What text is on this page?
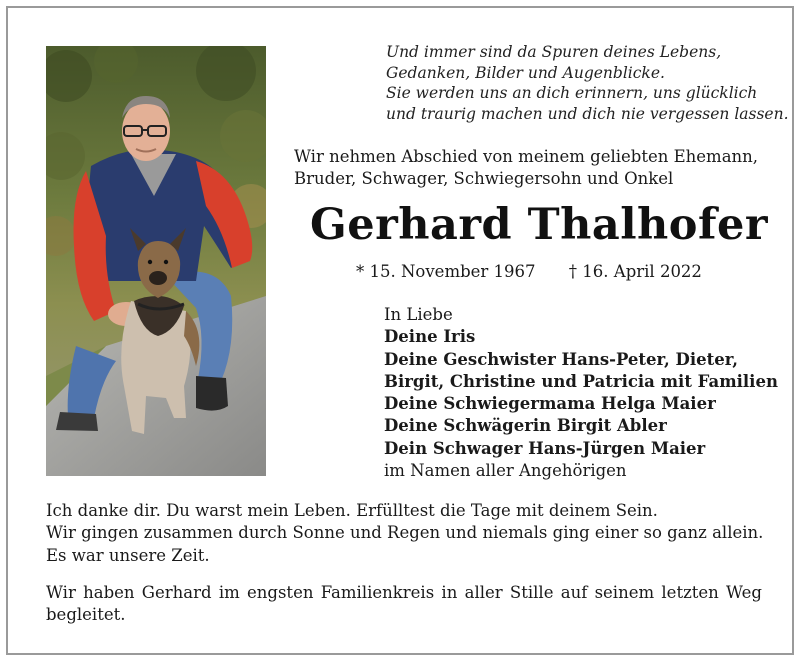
Und immer sind da Spuren deines Lebens,
Gedanken, Bilder und Augenblicke.
Sie werden uns an dich erinnern, uns glücklich
und traurig machen und dich nie vergessen lassen.
Wir nehmen Abschied von meinem geliebten Ehemann,
Bruder, Schwager, Schwiegersohn und Onkel
Gerhard Thalhofer
* 15. November 1967 † 16. April 2022
In Liebe
Deine Iris
Deine Geschwister Hans-Peter, Dieter,
Birgit, Christine und Patricia mit Familien
Deine Schwiegermama Helga Maier
Deine Schwägerin Birgit Abler
Dein Schwager Hans-Jürgen Maier
im Namen aller Angehörigen
Ich danke dir. Du warst mein Leben. Erfülltest die Tage mit deinem Sein.
Wir gingen zusammen durch Sonne und Regen und niemals ging einer so ganz allein.
Es war unsere Zeit.
Wir haben Gerhard im engsten Familienkreis in aller Stille auf seinem letzten Weg begleitet.
